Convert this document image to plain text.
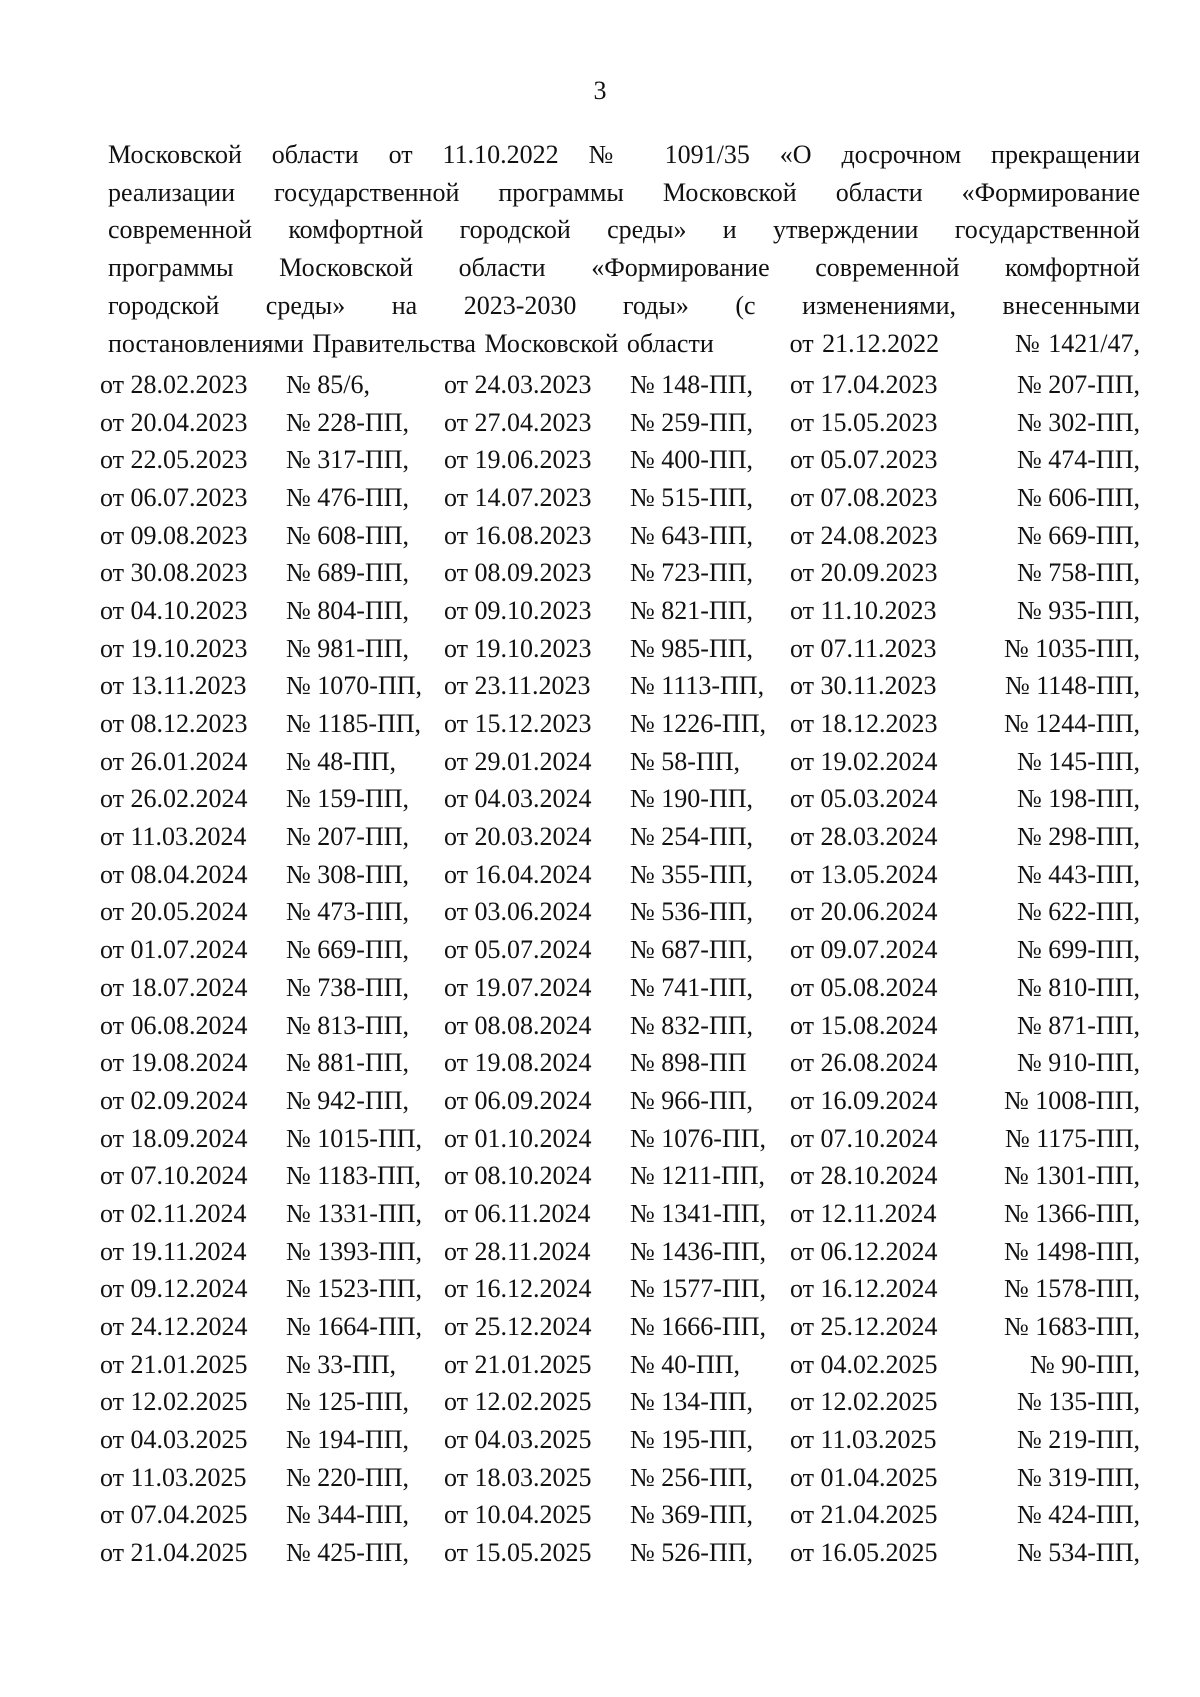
3
Московской области от 11.10.2022 № 1091/35 «О досрочном прекращении
реализации государственной программы Московской области «Формирование
современной комфортной городской среды» и утверждении государственной
программы Московской области «Формирование современной комфортной
городской среды» на 2023-2030 годы» (с изменениями, внесенными
постановлениями Правительства Московской области	от 21.12.2022	№ 1421/47,
от 28.02.2023	№ 85/6,	от 24.03.2023	№ 148-ПП,	от 17.04.2023	№ 207-ПП,
от 20.04.2023	№ 228-ПП,	от 27.04.2023	№ 259-ПП,	от 15.05.2023	№ 302-ПП,
от 22.05.2023	№ 317-ПП,	от 19.06.2023	№ 400-ПП,	от 05.07.2023	№ 474-ПП,
от 06.07.2023	№ 476-ПП,	от 14.07.2023	№ 515-ПП,	от 07.08.2023	№ 606-ПП,
от 09.08.2023	№ 608-ПП,	от 16.08.2023	№ 643-ПП,	от 24.08.2023	№ 669-ПП,
от 30.08.2023	№ 689-ПП,	от 08.09.2023	№ 723-ПП,	от 20.09.2023	№ 758-ПП,
от 04.10.2023	№ 804-ПП,	от 09.10.2023	№ 821-ПП,	от 11.10.2023	№ 935-ПП,
от 19.10.2023	№ 981-ПП,	от 19.10.2023	№ 985-ПП,	от 07.11.2023	№ 1035-ПП,
от 13.11.2023	№ 1070-ПП, от 23.11.2023	№ 1113-ПП, от 30.11.2023	№ 1148-ПП,
от 08.12.2023	№ 1185-ПП, от 15.12.2023	№ 1226-ПП, от 18.12.2023	№ 1244-ПП,
от 26.01.2024	№ 48-ПП,	от 29.01.2024	№ 58-ПП,	от 19.02.2024	№ 145-ПП,
от 26.02.2024	№ 159-ПП,	от 04.03.2024	№ 190-ПП,	от 05.03.2024	№ 198-ПП,
от 11.03.2024	№ 207-ПП,	от 20.03.2024	№ 254-ПП,	от 28.03.2024	№ 298-ПП,
от 08.04.2024	№ 308-ПП,	от 16.04.2024	№ 355-ПП,	от 13.05.2024	№ 443-ПП,
от 20.05.2024	№ 473-ПП,	от 03.06.2024	№ 536-ПП,	от 20.06.2024	№ 622-ПП,
от 01.07.2024	№ 669-ПП,	от 05.07.2024	№ 687-ПП,	от 09.07.2024	№ 699-ПП,
от 18.07.2024	№ 738-ПП,	от 19.07.2024	№ 741-ПП,	от 05.08.2024	№ 810-ПП,
от 06.08.2024	№ 813-ПП,	от 08.08.2024	№ 832-ПП,	от 15.08.2024	№ 871-ПП,
от 19.08.2024	№ 881-ПП,	от 19.08.2024	№ 898-ПП	от 26.08.2024	№ 910-ПП,
от 02.09.2024	№ 942-ПП,	от 06.09.2024	№ 966-ПП,	от 16.09.2024	№ 1008-ПП,
от 18.09.2024	№ 1015-ПП, от 01.10.2024	№ 1076-ПП, от 07.10.2024	№ 1175-ПП,
от 07.10.2024	№ 1183-ПП, от 08.10.2024	№ 1211-ПП, от 28.10.2024	№ 1301-ПП,
от 02.11.2024	№ 1331-ПП, от 06.11.2024	№ 1341-ПП, от 12.11.2024	№ 1366-ПП,
от 19.11.2024	№ 1393-ПП, от 28.11.2024	№ 1436-ПП, от 06.12.2024	№ 1498-ПП,
от 09.12.2024	№ 1523-ПП, от 16.12.2024	№ 1577-ПП, от 16.12.2024	№ 1578-ПП,
от 24.12.2024	№ 1664-ПП, от 25.12.2024	№ 1666-ПП, от 25.12.2024	№ 1683-ПП,
от 21.01.2025	№ 33-ПП,	от 21.01.2025	№ 40-ПП,	от 04.02.2025	№ 90-ПП,
от 12.02.2025	№ 125-ПП,	от 12.02.2025	№ 134-ПП,	от 12.02.2025	№ 135-ПП,
от 04.03.2025	№ 194-ПП,	от 04.03.2025	№ 195-ПП,	от 11.03.2025	№ 219-ПП,
от 11.03.2025	№ 220-ПП,	от 18.03.2025	№ 256-ПП,	от 01.04.2025	№ 319-ПП,
от 07.04.2025	№ 344-ПП,	от 10.04.2025	№ 369-ПП,	от 21.04.2025	№ 424-ПП,
от 21.04.2025	№ 425-ПП,	от 15.05.2025	№ 526-ПП,	от 16.05.2025	№ 534-ПП,
